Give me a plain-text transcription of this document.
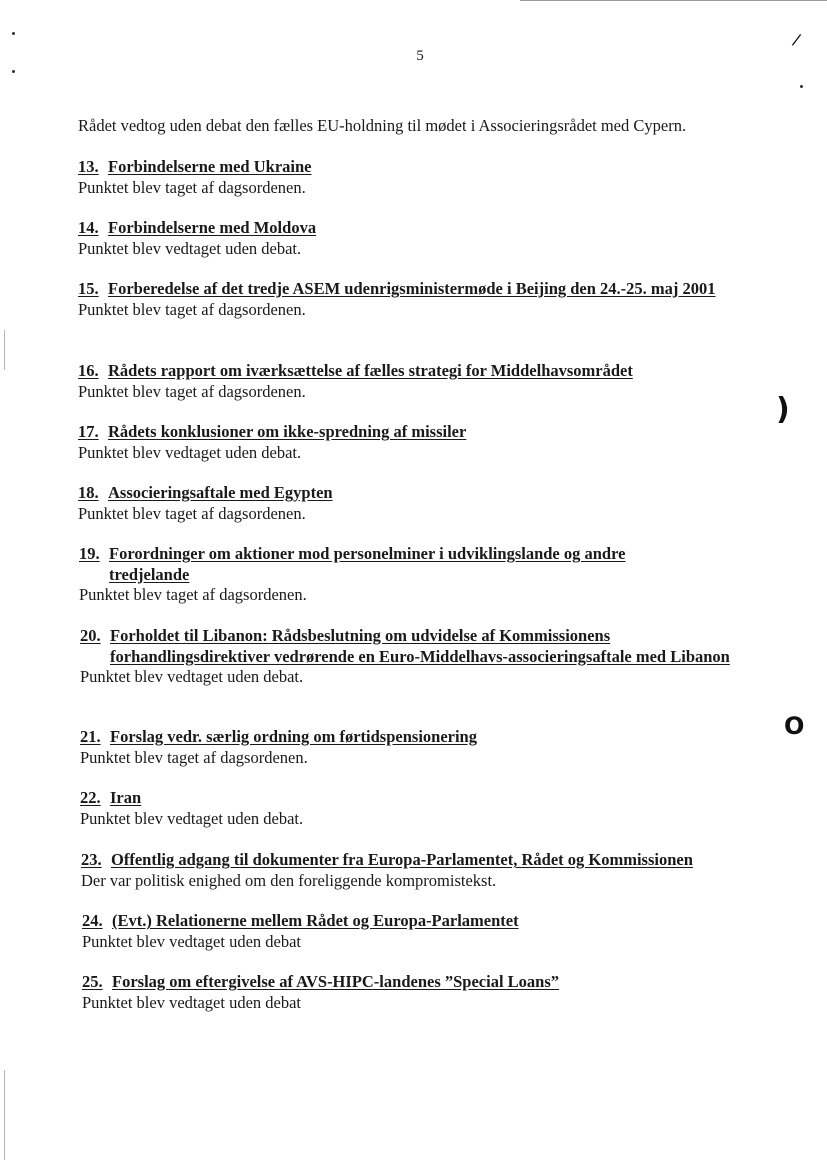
/
)
O
5
Rådet vedtog uden debat den fælles EU-holdning til mødet i Associeringsrådet med Cypern.
13. Forbindelserne med Ukraine
Punktet blev taget af dagsordenen.
14. Forbindelserne med Moldova
Punktet blev vedtaget uden debat.
15. Forberedelse af det tredje ASEM udenrigsministermøde i Beijing den 24.-25. maj 2001
Punktet blev taget af dagsordenen.
16. Rådets rapport om iværksættelse af fælles strategi for Middelhavsområdet
Punktet blev taget af dagsordenen.
17. Rådets konklusioner om ikke-spredning af missiler
Punktet blev vedtaget uden debat.
18. Associeringsaftale med Egypten
Punktet blev taget af dagsordenen.
19. Forordninger om aktioner mod personelminer i udviklingslande og andre tredjelande
Punktet blev taget af dagsordenen.
20. Forholdet til Libanon: Rådsbeslutning om udvidelse af Kommissionens forhandlingsdirektiver vedrørende en Euro-Middelhavs-associeringsaftale med Libanon
Punktet blev vedtaget uden debat.
21. Forslag vedr. særlig ordning om førtidspensionering
Punktet blev taget af dagsordenen.
22. Iran
Punktet blev vedtaget uden debat.
23. Offentlig adgang til dokumenter fra Europa-Parlamentet, Rådet og Kommissionen
Der var politisk enighed om den foreliggende kompromistekst.
24. (Evt.) Relationerne mellem Rådet og Europa-Parlamentet
Punktet blev vedtaget uden debat
25. Forslag om eftergivelse af AVS-HIPC-landenes ”Special Loans”
Punktet blev vedtaget uden debat
